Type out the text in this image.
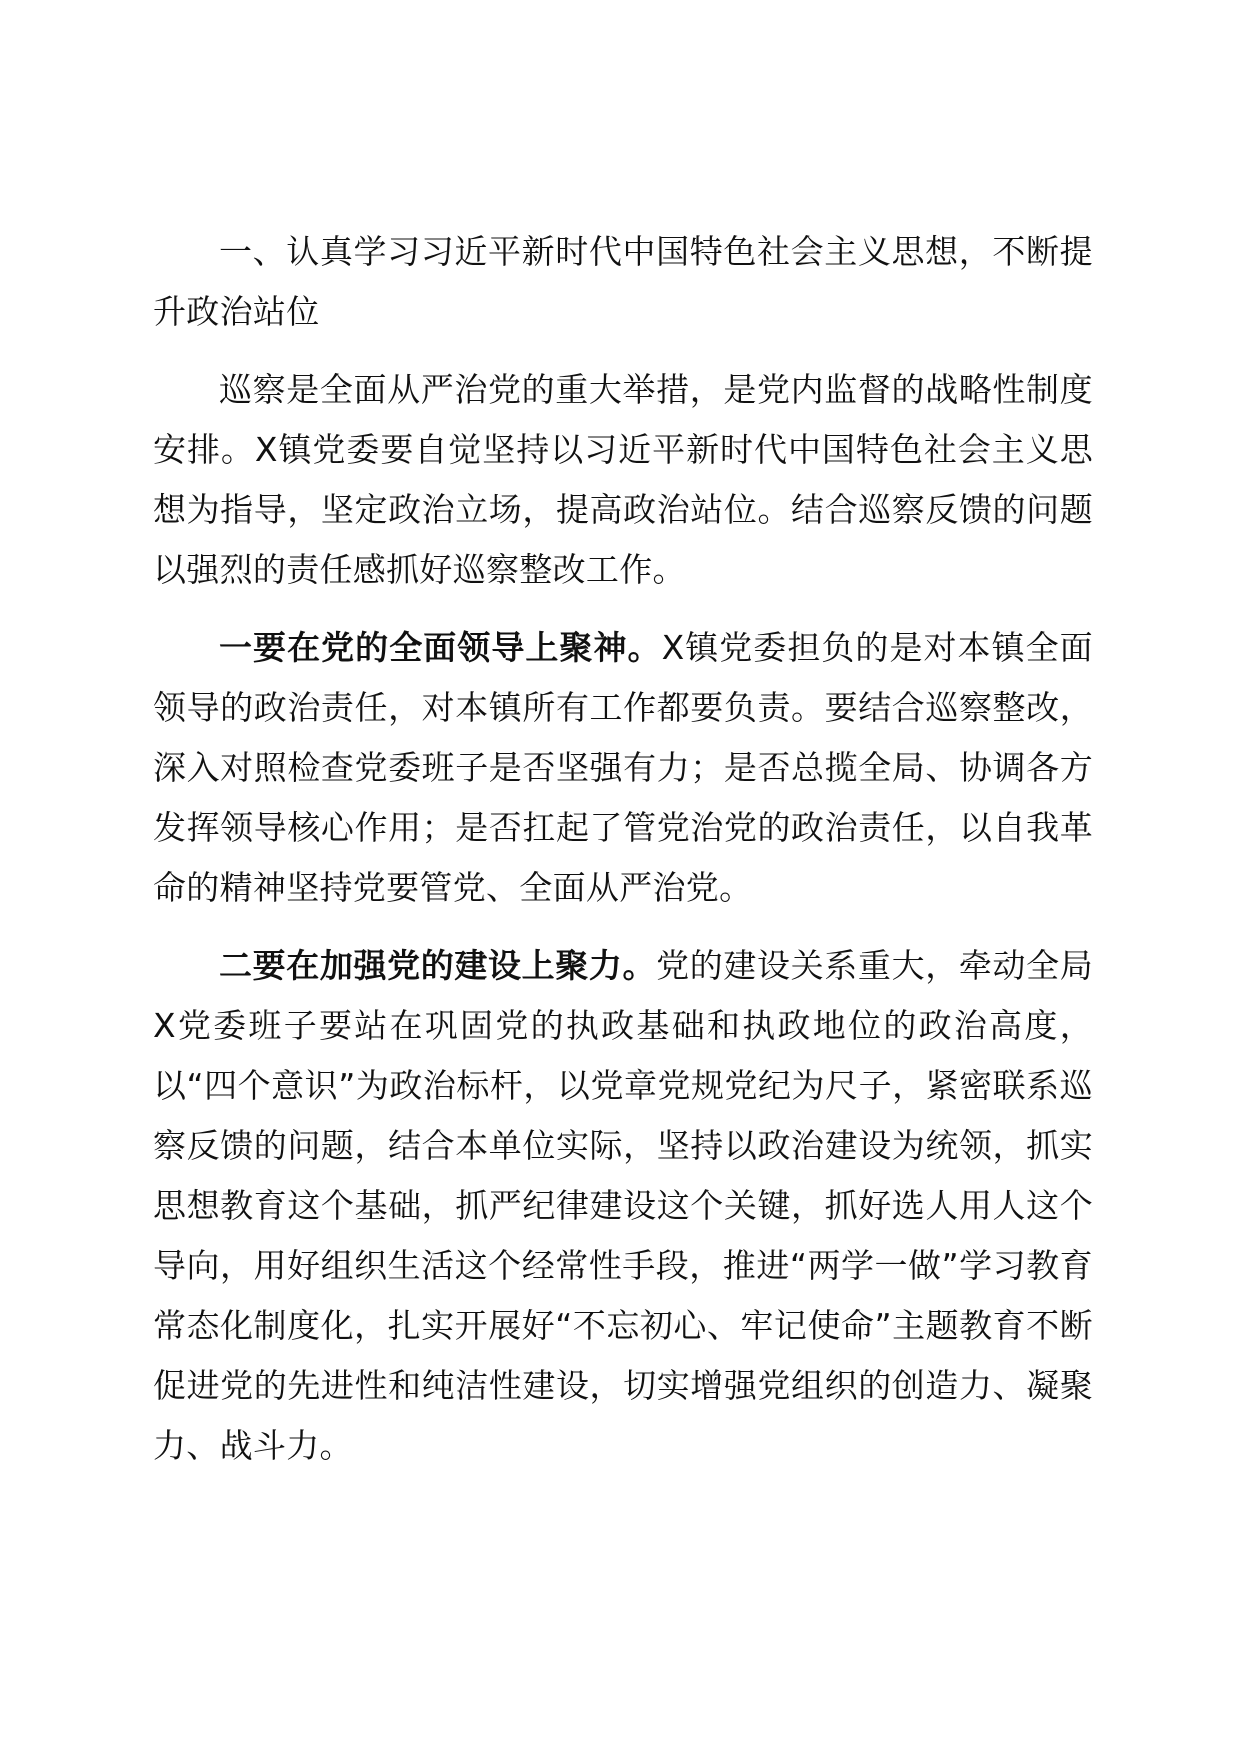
一、认真学习习近平新时代中国特色社会主义思想，不断提升政治站位

巡察是全面从严治党的重大举措，是党内监督的战略性制度安排。X镇党委要自觉坚持以习近平新时代中国特色社会主义思想为指导，坚定政治立场，提高政治站位。结合巡察反馈的问题以强烈的责任感抓好巡察整改工作。

一要在党的全面领导上聚神。X镇党委担负的是对本镇全面领导的政治责任，对本镇所有工作都要负责。要结合巡察整改，深入对照检查党委班子是否坚强有力；是否总揽全局、协调各方发挥领导核心作用；是否扛起了管党治党的政治责任，以自我革命的精神坚持党要管党、全面从严治党。

二要在加强党的建设上聚力。党的建设关系重大，牵动全局X党委班子要站在巩固党的执政基础和执政地位的政治高度，以“四个意识”为政治标杆，以党章党规党纪为尺子，紧密联系巡察反馈的问题，结合本单位实际，坚持以政治建设为统领，抓实思想教育这个基础，抓严纪律建设这个关键，抓好选人用人这个导向，用好组织生活这个经常性手段，推进“两学一做”学习教育常态化制度化，扎实开展好“不忘初心、牢记使命”主题教育不断促进党的先进性和纯洁性建设，切实增强党组织的创造力、凝聚力、战斗力。
